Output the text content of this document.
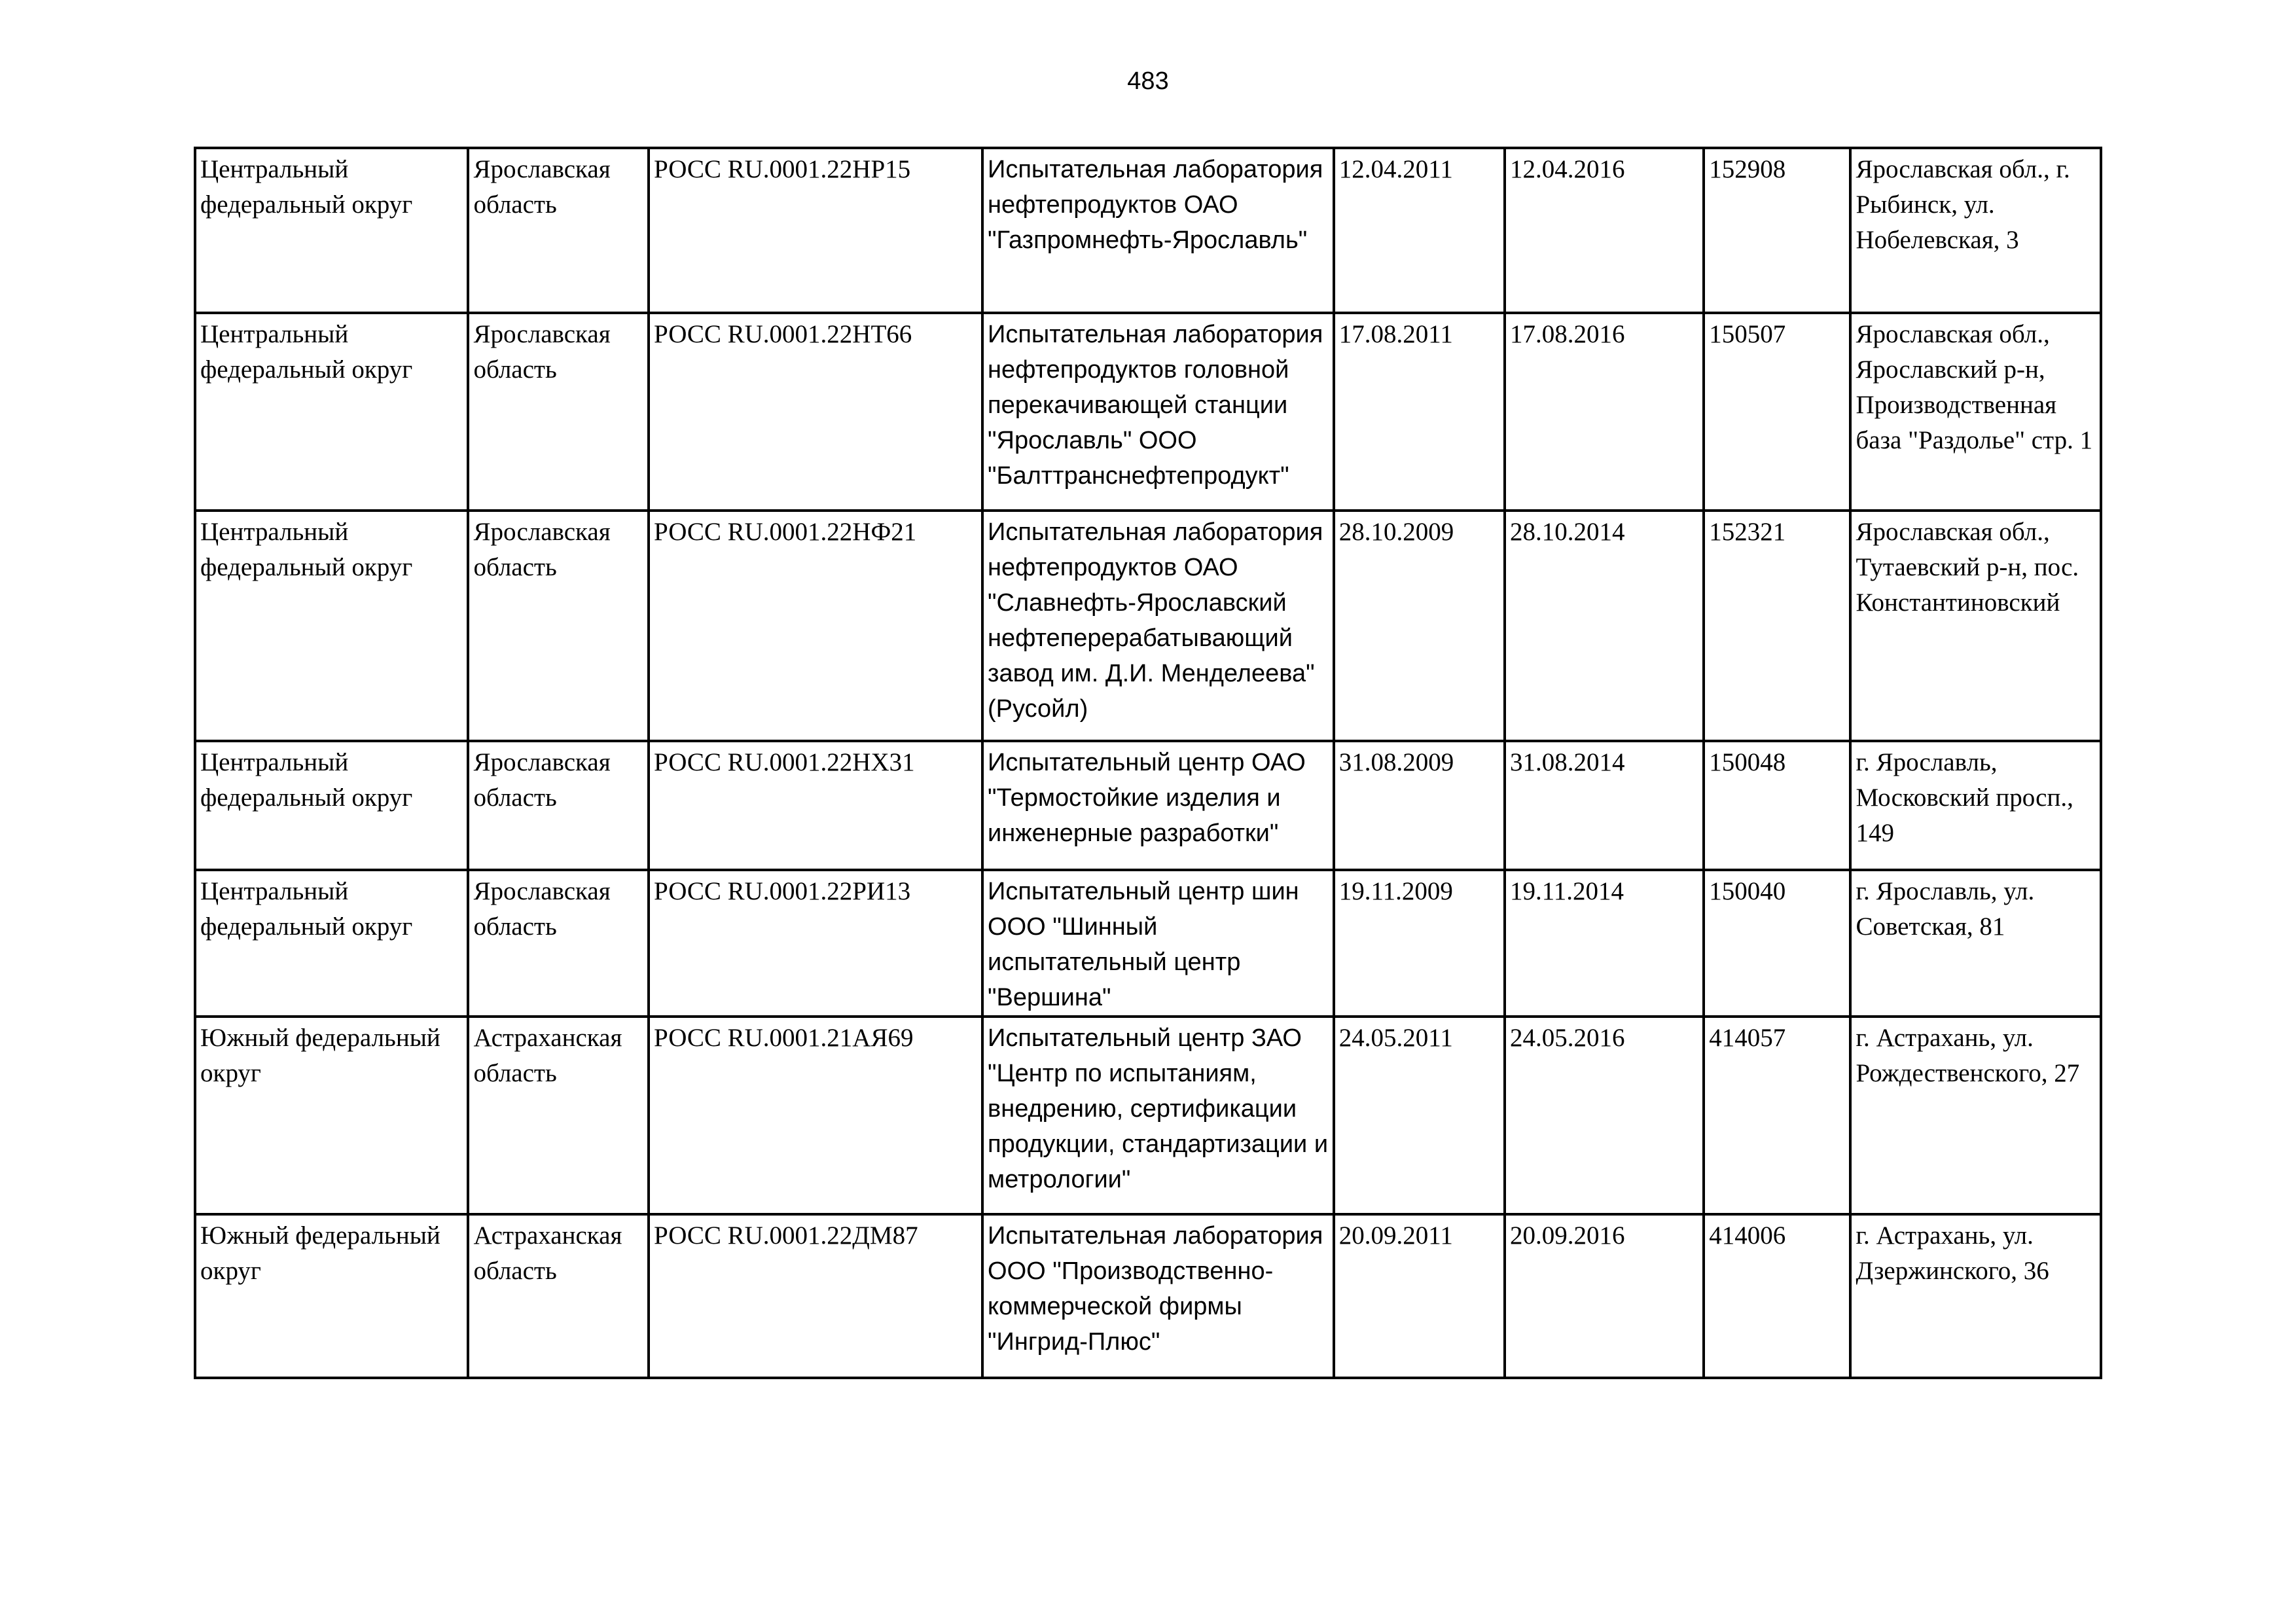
483
Центральный федеральный округ	Ярославская область	РОСС RU.0001.22НР15	Испытательная лаборатория нефтепродуктов ОАО "Газпромнефть-Ярославль"	12.04.2011	12.04.2016	152908	Ярославская обл., г. Рыбинск, ул. Нобелевская, 3
Центральный федеральный округ	Ярославская область	РОСС RU.0001.22НТ66	Испытательная лаборатория нефтепродуктов головной перекачивающей станции "Ярославль" ООО "Балттранснефтепродукт"	17.08.2011	17.08.2016	150507	Ярославская обл., Ярославский р-н, Производственная база "Раздолье" стр. 1
Центральный федеральный округ	Ярославская область	РОСС RU.0001.22НФ21	Испытательная лаборатория нефтепродуктов ОАО "Славнефть-Ярославский нефтеперерабатывающий завод им. Д.И. Менделеева" (Русойл)	28.10.2009	28.10.2014	152321	Ярославская обл., Тутаевский р-н, пос. Константиновский
Центральный федеральный округ	Ярославская область	РОСС RU.0001.22НХ31	Испытательный центр ОАО "Термостойкие изделия и инженерные разработки"	31.08.2009	31.08.2014	150048	г. Ярославль, Московский просп., 149
Центральный федеральный округ	Ярославская область	РОСС RU.0001.22РИ13	Испытательный центр шин ООО "Шинный испытательный центр "Вершина"	19.11.2009	19.11.2014	150040	г. Ярославль, ул. Советская, 81
Южный федеральный округ	Астраханская область	РОСС RU.0001.21АЯ69	Испытательный центр ЗАО "Центр по испытаниям, внедрению, сертификации продукции, стандартизации и метрологии"	24.05.2011	24.05.2016	414057	г. Астрахань, ул. Рождественского, 27
Южный федеральный округ	Астраханская область	РОСС RU.0001.22ДМ87	Испытательная лаборатория ООО "Производственно-коммерческой фирмы "Ингрид-Плюс"	20.09.2011	20.09.2016	414006	г. Астрахань, ул. Дзержинского, 36
